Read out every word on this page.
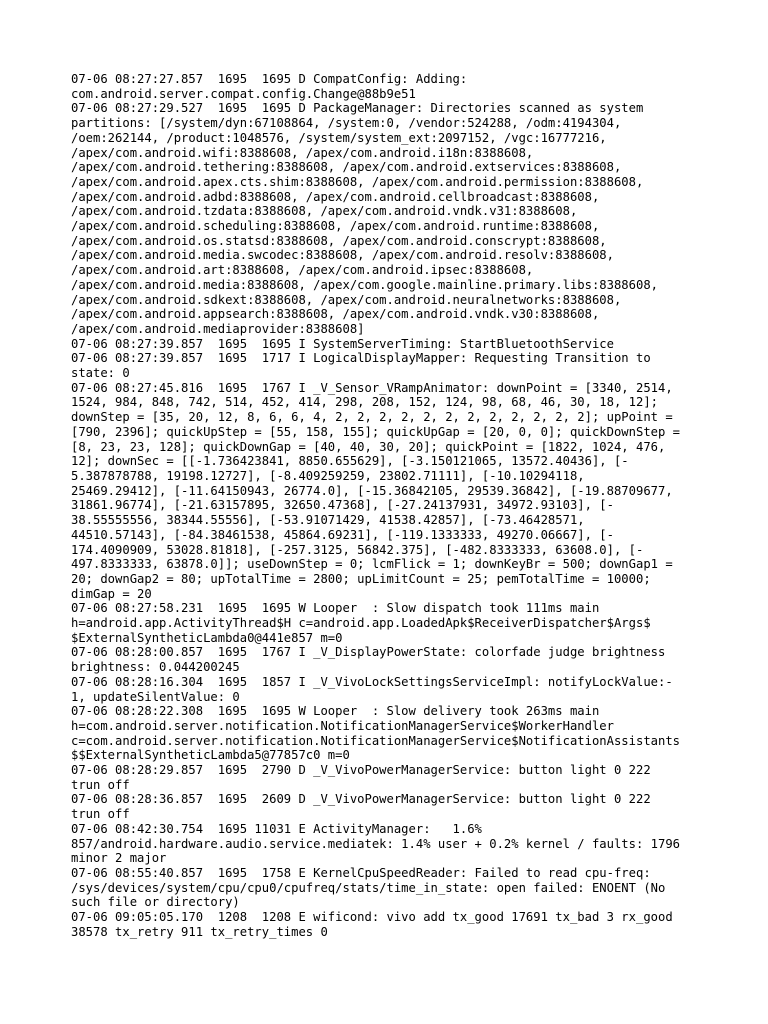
07-06 08:27:27.857  1695  1695 D CompatConfig: Adding:
com.android.server.compat.config.Change@88b9e51
07-06 08:27:29.527  1695  1695 D PackageManager: Directories scanned as system
partitions: [/system/dyn:67108864, /system:0, /vendor:524288, /odm:4194304,
/oem:262144, /product:1048576, /system/system_ext:2097152, /vgc:16777216,
/apex/com.android.wifi:8388608, /apex/com.android.i18n:8388608,
/apex/com.android.tethering:8388608, /apex/com.android.extservices:8388608,
/apex/com.android.apex.cts.shim:8388608, /apex/com.android.permission:8388608,
/apex/com.android.adbd:8388608, /apex/com.android.cellbroadcast:8388608,
/apex/com.android.tzdata:8388608, /apex/com.android.vndk.v31:8388608,
/apex/com.android.scheduling:8388608, /apex/com.android.runtime:8388608,
/apex/com.android.os.statsd:8388608, /apex/com.android.conscrypt:8388608,
/apex/com.android.media.swcodec:8388608, /apex/com.android.resolv:8388608,
/apex/com.android.art:8388608, /apex/com.android.ipsec:8388608,
/apex/com.android.media:8388608, /apex/com.google.mainline.primary.libs:8388608,
/apex/com.android.sdkext:8388608, /apex/com.android.neuralnetworks:8388608,
/apex/com.android.appsearch:8388608, /apex/com.android.vndk.v30:8388608,
/apex/com.android.mediaprovider:8388608]
07-06 08:27:39.857  1695  1695 I SystemServerTiming: StartBluetoothService
07-06 08:27:39.857  1695  1717 I LogicalDisplayMapper: Requesting Transition to
state: 0
07-06 08:27:45.816  1695  1767 I _V_Sensor_VRampAnimator: downPoint = [3340, 2514,
1524, 984, 848, 742, 514, 452, 414, 298, 208, 152, 124, 98, 68, 46, 30, 18, 12];
downStep = [35, 20, 12, 8, 6, 6, 4, 2, 2, 2, 2, 2, 2, 2, 2, 2, 2, 2, 2]; upPoint =
[790, 2396]; quickUpStep = [55, 158, 155]; quickUpGap = [20, 0, 0]; quickDownStep =
[8, 23, 23, 128]; quickDownGap = [40, 40, 30, 20]; quickPoint = [1822, 1024, 476,
12]; downSec = [[-1.736423841, 8850.655629], [-3.150121065, 13572.40436], [-
5.387878788, 19198.12727], [-8.409259259, 23802.71111], [-10.10294118,
25469.29412], [-11.64150943, 26774.0], [-15.36842105, 29539.36842], [-19.88709677,
31861.96774], [-21.63157895, 32650.47368], [-27.24137931, 34972.93103], [-
38.55555556, 38344.55556], [-53.91071429, 41538.42857], [-73.46428571,
44510.57143], [-84.38461538, 45864.69231], [-119.1333333, 49270.06667], [-
174.4090909, 53028.81818], [-257.3125, 56842.375], [-482.8333333, 63608.0], [-
497.8333333, 63878.0]]; useDownStep = 0; lcmFlick = 1; downKeyBr = 500; downGap1 =
20; downGap2 = 80; upTotalTime = 2800; upLimitCount = 25; pemTotalTime = 10000;
dimGap = 20
07-06 08:27:58.231  1695  1695 W Looper  : Slow dispatch took 111ms main
h=android.app.ActivityThread$H c=android.app.LoadedApk$ReceiverDispatcher$Args$
$ExternalSyntheticLambda0@441e857 m=0
07-06 08:28:00.857  1695  1767 I _V_DisplayPowerState: colorfade judge brightness
brightness: 0.044200245
07-06 08:28:16.304  1695  1857 I _V_VivoLockSettingsServiceImpl: notifyLockValue:-
1, updateSilentValue: 0
07-06 08:28:22.308  1695  1695 W Looper  : Slow delivery took 263ms main
h=com.android.server.notification.NotificationManagerService$WorkerHandler
c=com.android.server.notification.NotificationManagerService$NotificationAssistants
$$ExternalSyntheticLambda5@77857c0 m=0
07-06 08:28:29.857  1695  2790 D _V_VivoPowerManagerService: button light 0 222
trun off
07-06 08:28:36.857  1695  2609 D _V_VivoPowerManagerService: button light 0 222
trun off
07-06 08:42:30.754  1695 11031 E ActivityManager:   1.6%
857/android.hardware.audio.service.mediatek: 1.4% user + 0.2% kernel / faults: 1796
minor 2 major
07-06 08:55:40.857  1695  1758 E KernelCpuSpeedReader: Failed to read cpu-freq:
/sys/devices/system/cpu/cpu0/cpufreq/stats/time_in_state: open failed: ENOENT (No
such file or directory)
07-06 09:05:05.170  1208  1208 E wificond: vivo add tx_good 17691 tx_bad 3 rx_good
38578 tx_retry 911 tx_retry_times 0
